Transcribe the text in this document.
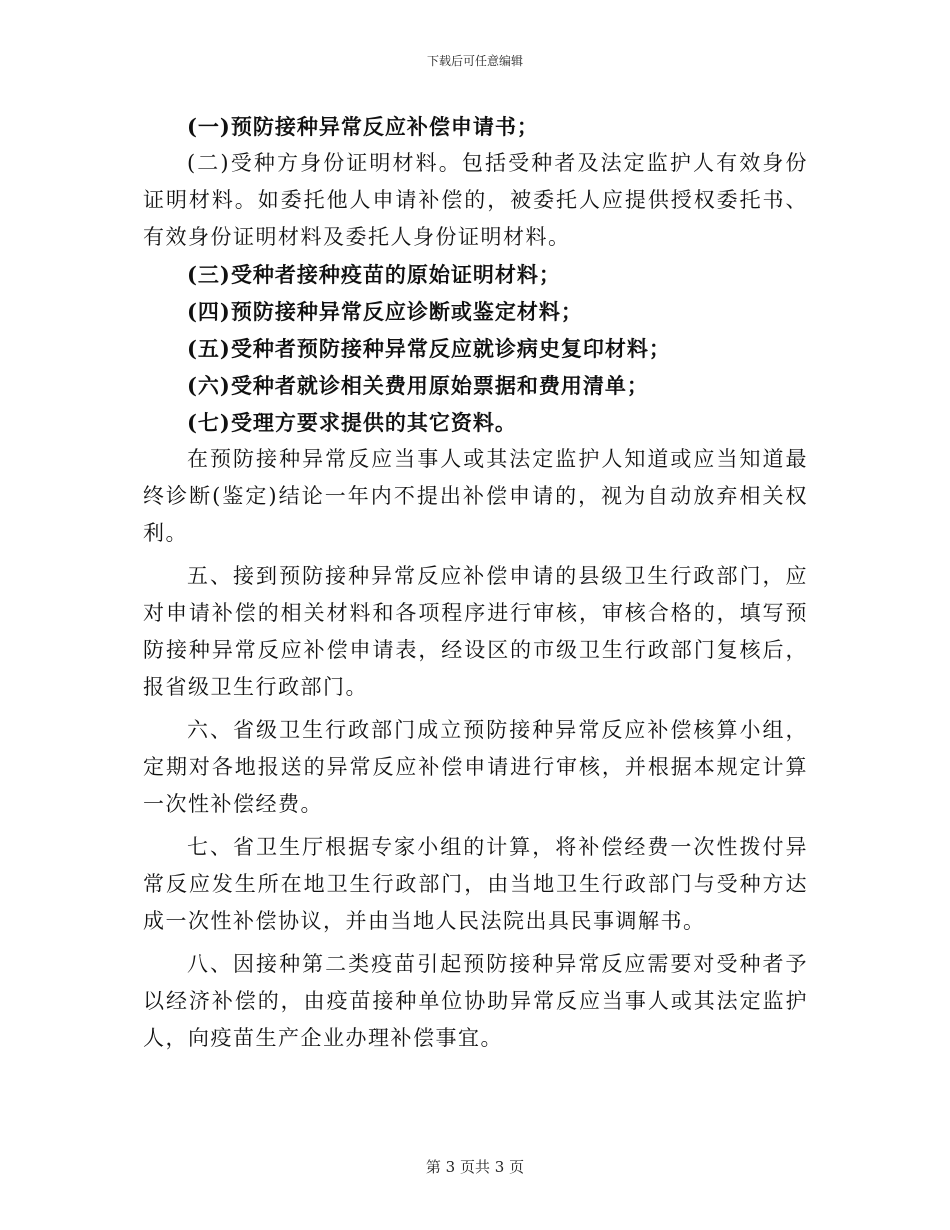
下载后可任意编辑

(一)预防接种异常反应补偿申请书；

(二)受种方身份证明材料。包括受种者及法定监护人有效身份证明材料。如委托他人申请补偿的，被委托人应提供授权委托书、有效身份证明材料及委托人身份证明材料。

(三)受种者接种疫苗的原始证明材料；

(四)预防接种异常反应诊断或鉴定材料；

(五)受种者预防接种异常反应就诊病史复印材料；

(六)受种者就诊相关费用原始票据和费用清单；

(七)受理方要求提供的其它资料。

在预防接种异常反应当事人或其法定监护人知道或应当知道最终诊断(鉴定)结论一年内不提出补偿申请的，视为自动放弃相关权利。

五、接到预防接种异常反应补偿申请的县级卫生行政部门，应对申请补偿的相关材料和各项程序进行审核，审核合格的，填写预防接种异常反应补偿申请表，经设区的市级卫生行政部门复核后，报省级卫生行政部门。

六、省级卫生行政部门成立预防接种异常反应补偿核算小组，定期对各地报送的异常反应补偿申请进行审核，并根据本规定计算一次性补偿经费。

七、省卫生厅根据专家小组的计算，将补偿经费一次性拨付异常反应发生所在地卫生行政部门，由当地卫生行政部门与受种方达成一次性补偿协议，并由当地人民法院出具民事调解书。

八、因接种第二类疫苗引起预防接种异常反应需要对受种者予以经济补偿的，由疫苗接种单位协助异常反应当事人或其法定监护人，向疫苗生产企业办理补偿事宜。

第 3 页共 3 页
